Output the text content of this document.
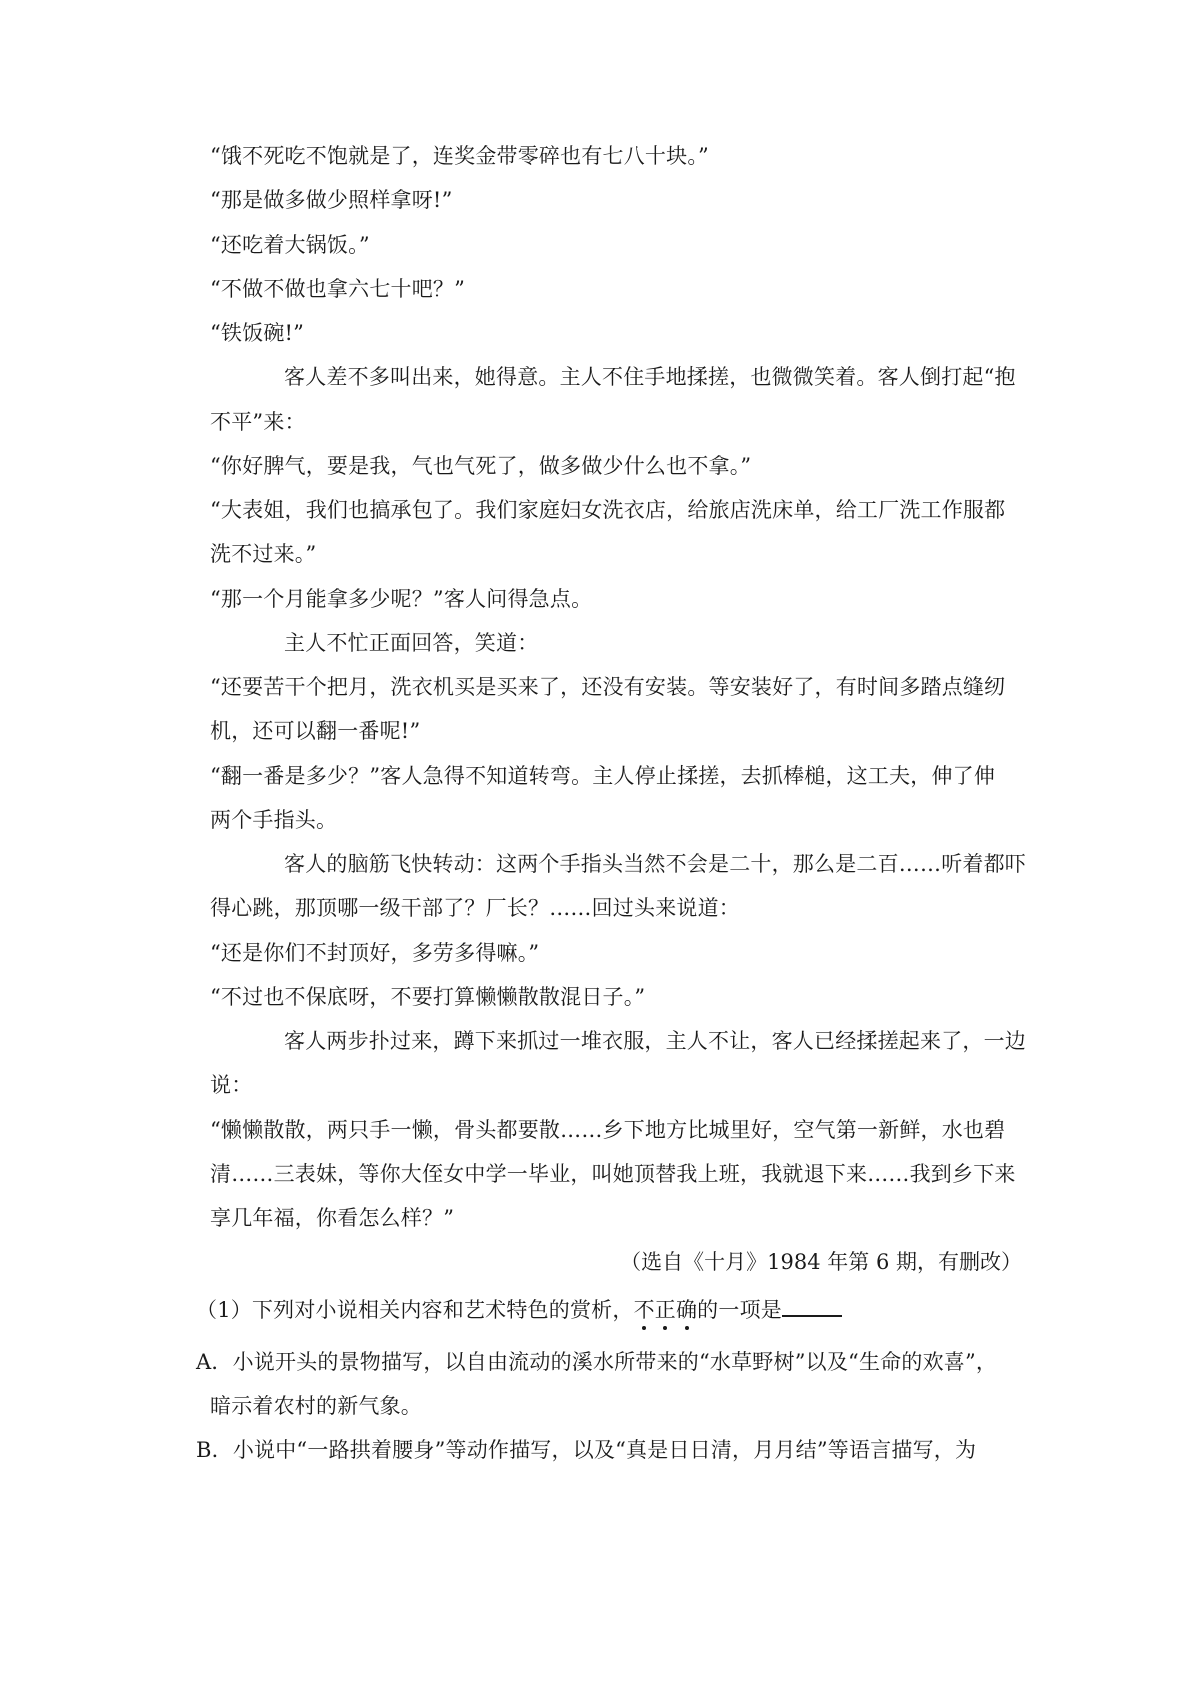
“饿不死吃不饱就是了，连奖金带零碎也有七八十块。”
“那是做多做少照样拿呀!”
“还吃着大锅饭。”
“不做不做也拿六七十吧？”
“铁饭碗!”
客人差不多叫出来，她得意。主人不住手地揉搓，也微微笑着。客人倒打起“抱
不平”来：
“你好脾气，要是我，气也气死了，做多做少什么也不拿。”
“大表姐，我们也搞承包了。我们家庭妇女洗衣店，给旅店洗床单，给工厂洗工作服都
洗不过来。”
“那一个月能拿多少呢？”客人问得急点。
主人不忙正面回答，笑道：
“还要苦干个把月，洗衣机买是买来了，还没有安装。等安装好了，有时间多踏点缝纫
机，还可以翻一番呢!”
“翻一番是多少？”客人急得不知道转弯。主人停止揉搓，去抓棒槌，这工夫，伸了伸
两个手指头。
客人的脑筋飞快转动：这两个手指头当然不会是二十，那么是二百……听着都吓
得心跳，那顶哪一级干部了？厂长？……回过头来说道：
“还是你们不封顶好，多劳多得嘛。”
“不过也不保底呀，不要打算懒懒散散混日子。”
客人两步扑过来，蹲下来抓过一堆衣服，主人不让，客人已经揉搓起来了，一边
说：
“懒懒散散，两只手一懒，骨头都要散……乡下地方比城里好，空气第一新鲜，水也碧
清……三表妹，等你大侄女中学一毕业，叫她顶替我上班，我就退下来……我到乡下来
享几年福，你看怎么样？”
（选自《十月》1984 年第 6 期，有删改）
（1）下列对小说相关内容和艺术特色的赏析，不正确
的一项是
A．小说开头的景物描写，以自由流动的溪水所带来的“水草野树”以及“生命的欢喜”，
暗示着农村的新气象。
B．小说中“一路拱着腰身”等动作描写，以及“真是日日清，月月结”等语言描写，为
